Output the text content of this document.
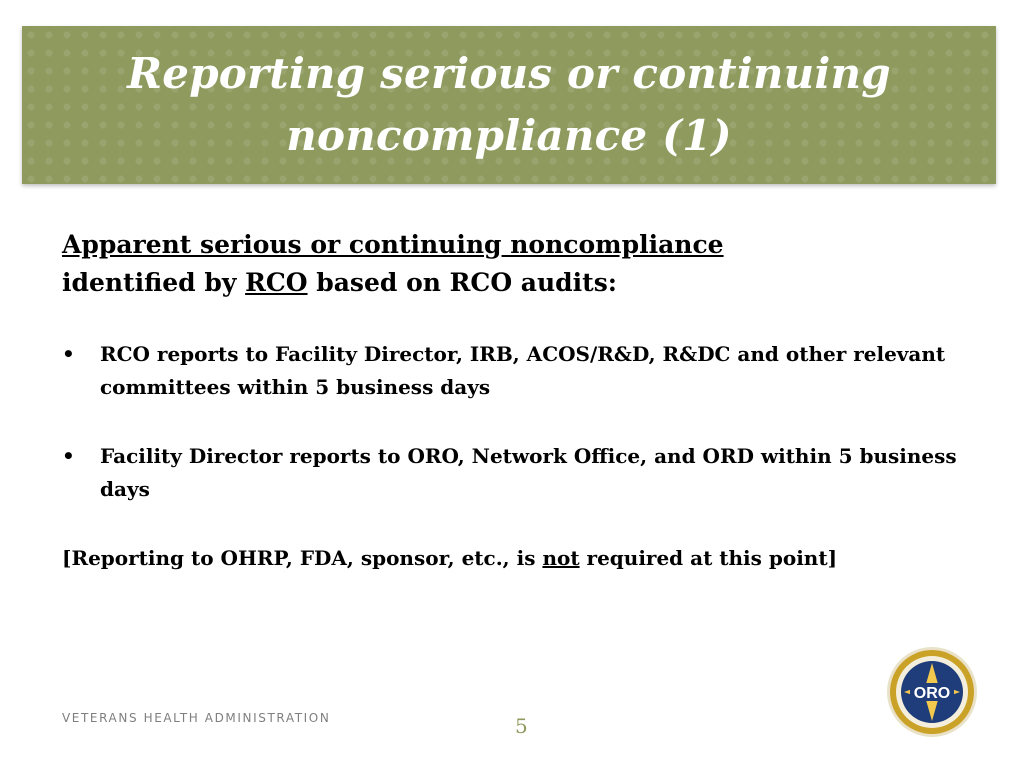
Reporting serious or continuing
noncompliance (1)

Apparent serious or continuing noncompliance
identified by RCO based on RCO audits:

• RCO reports to Facility Director, IRB, ACOS/R&D, R&DC and other relevant committees within 5 business days
• Facility Director reports to ORO, Network Office, and ORD within 5 business days

[Reporting to OHRP, FDA, sponsor, etc., is not required at this point]

VETERANS HEALTH ADMINISTRATION	5
ORO
